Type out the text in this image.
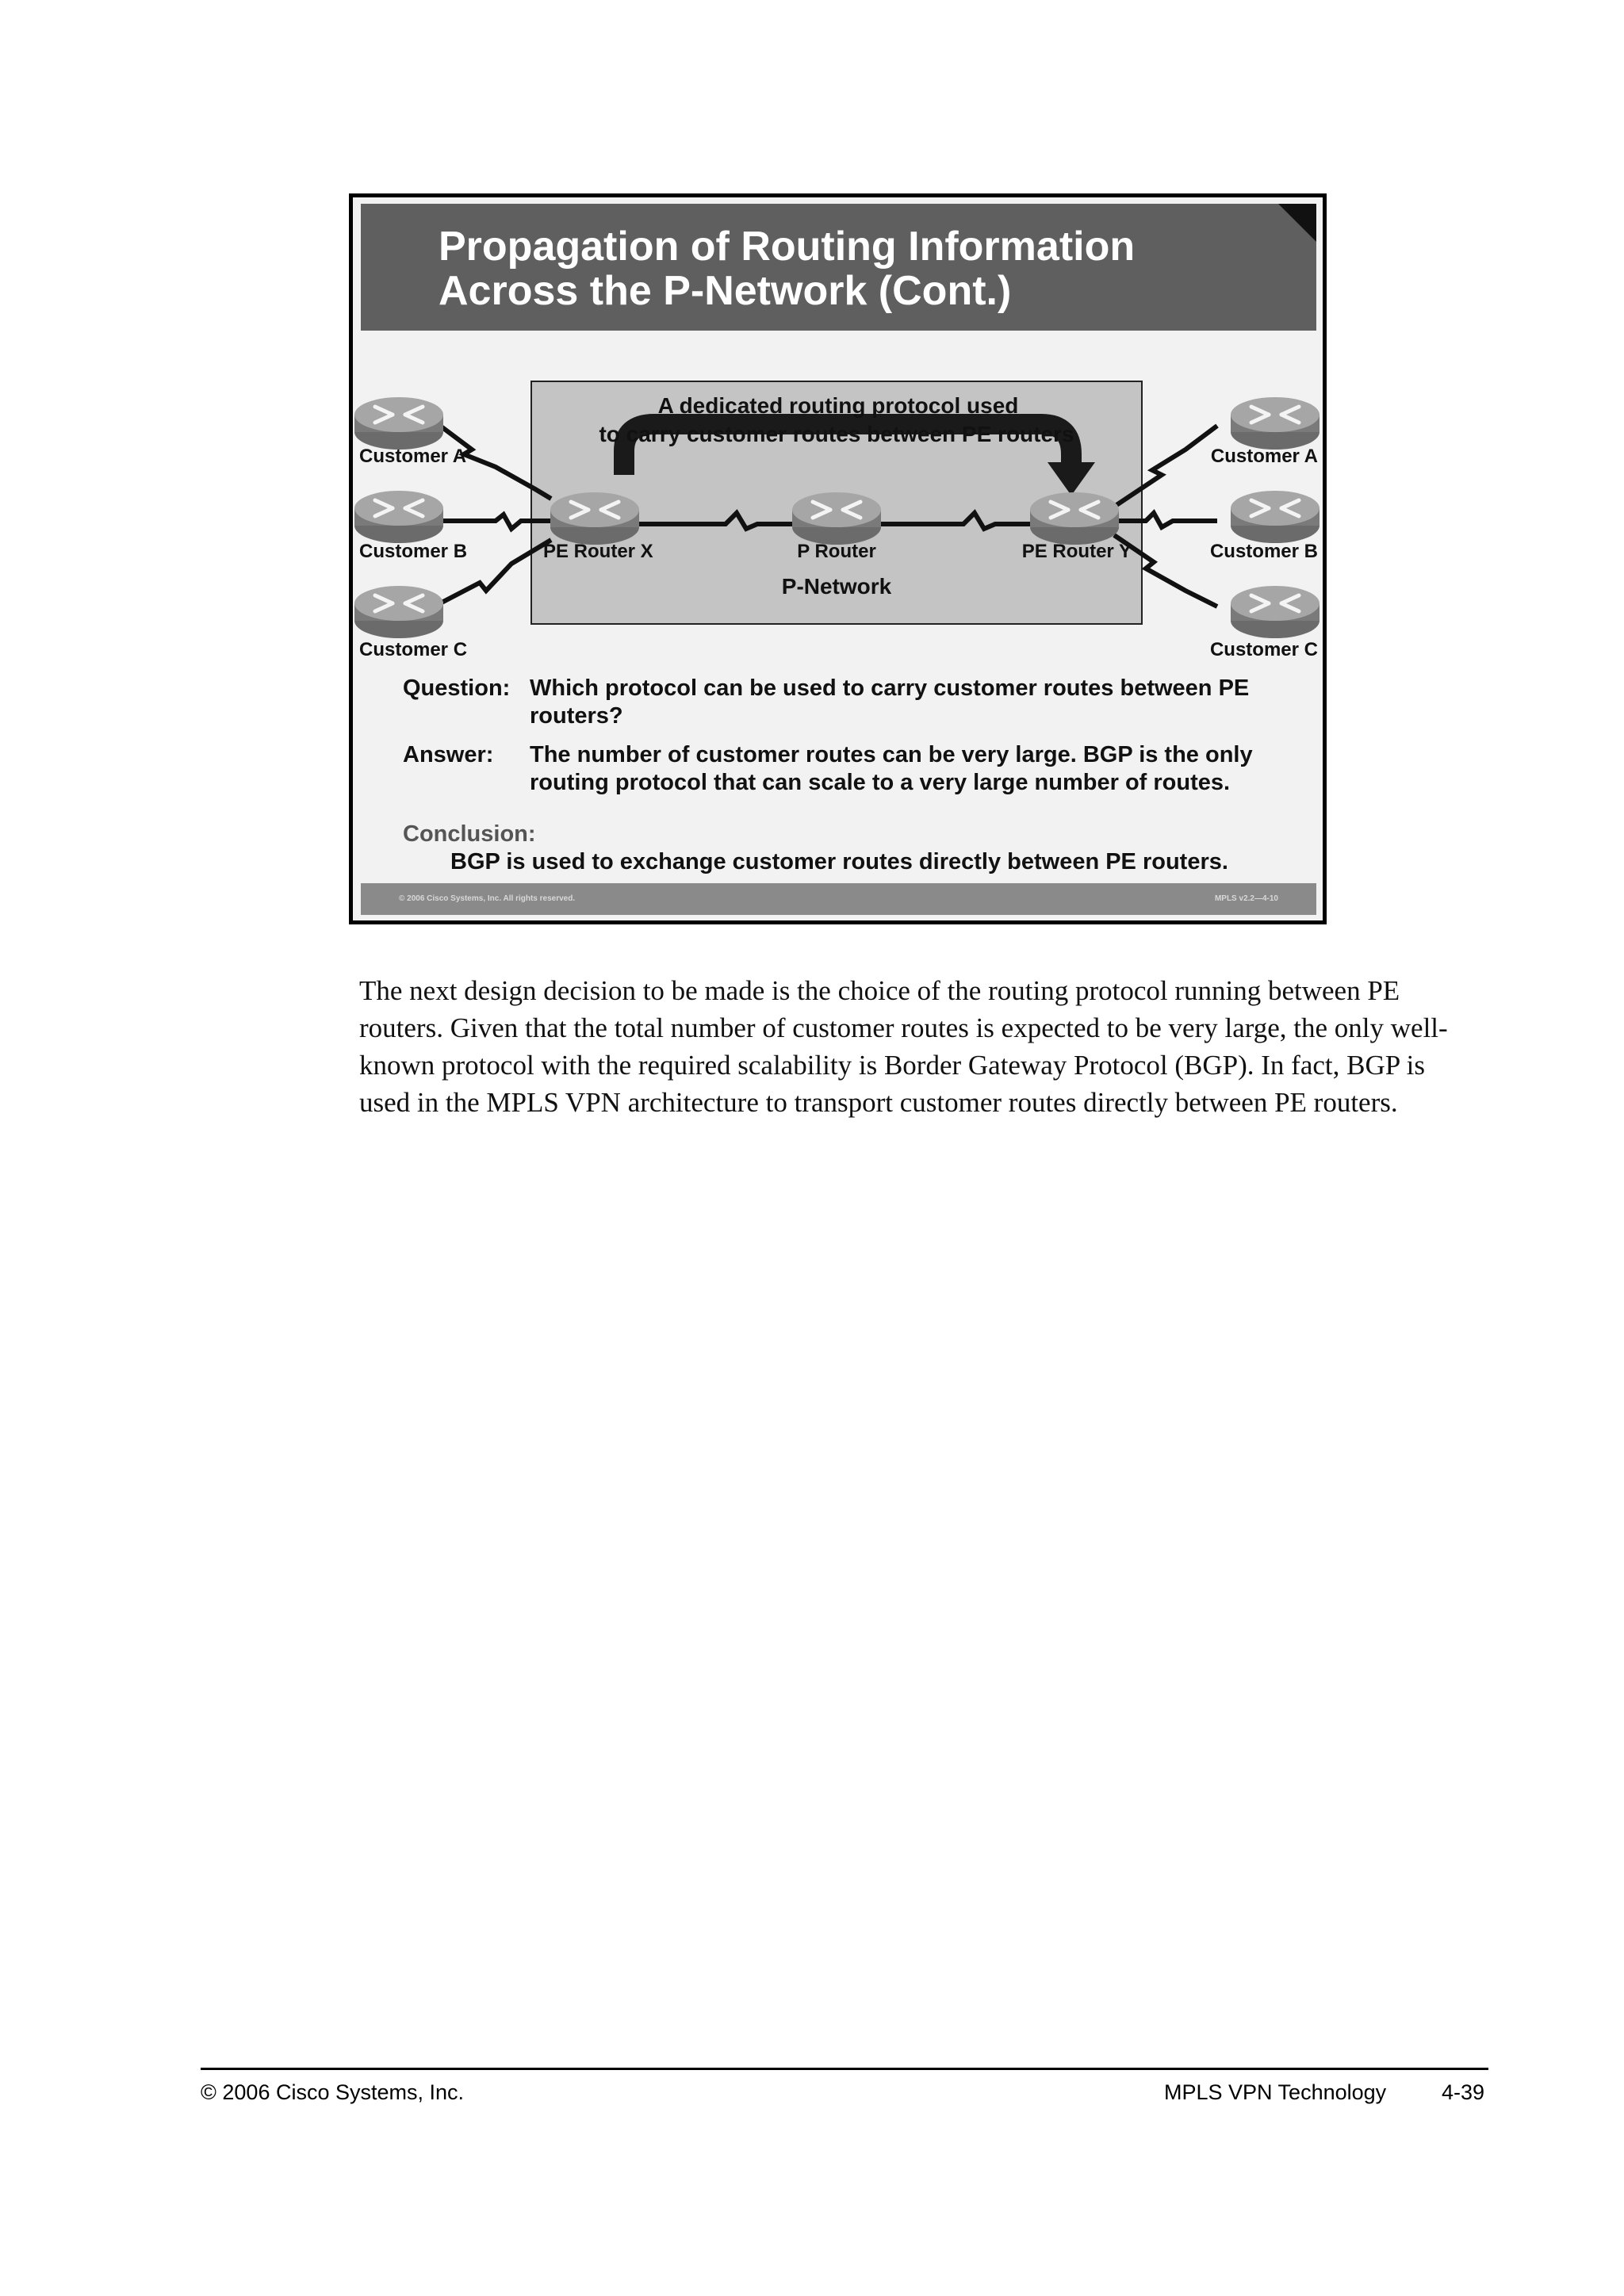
Propagation of Routing Information
Across the P-Network (Cont.)
A dedicated routing protocol used
to carry customer routes between PE routers
PE Router X	P Router	PE Router Y
P-Network
Customer A
Customer B
Customer C
Customer A
Customer B
Customer C
Question: Which protocol can be used to carry customer routes between PE routers?
Answer: The number of customer routes can be very large. BGP is the only routing protocol that can scale to a very large number of routes.
Conclusion:
BGP is used to exchange customer routes directly between PE routers.
© 2006 Cisco Systems, Inc. All rights reserved.	MPLS v2.2—4-10

The next design decision to be made is the choice of the routing protocol running between PE routers. Given that the total number of customer routes is expected to be very large, the only well-known protocol with the required scalability is Border Gateway Protocol (BGP). In fact, BGP is used in the MPLS VPN architecture to transport customer routes directly between PE routers.

© 2006 Cisco Systems, Inc.	MPLS VPN Technology	4-39
